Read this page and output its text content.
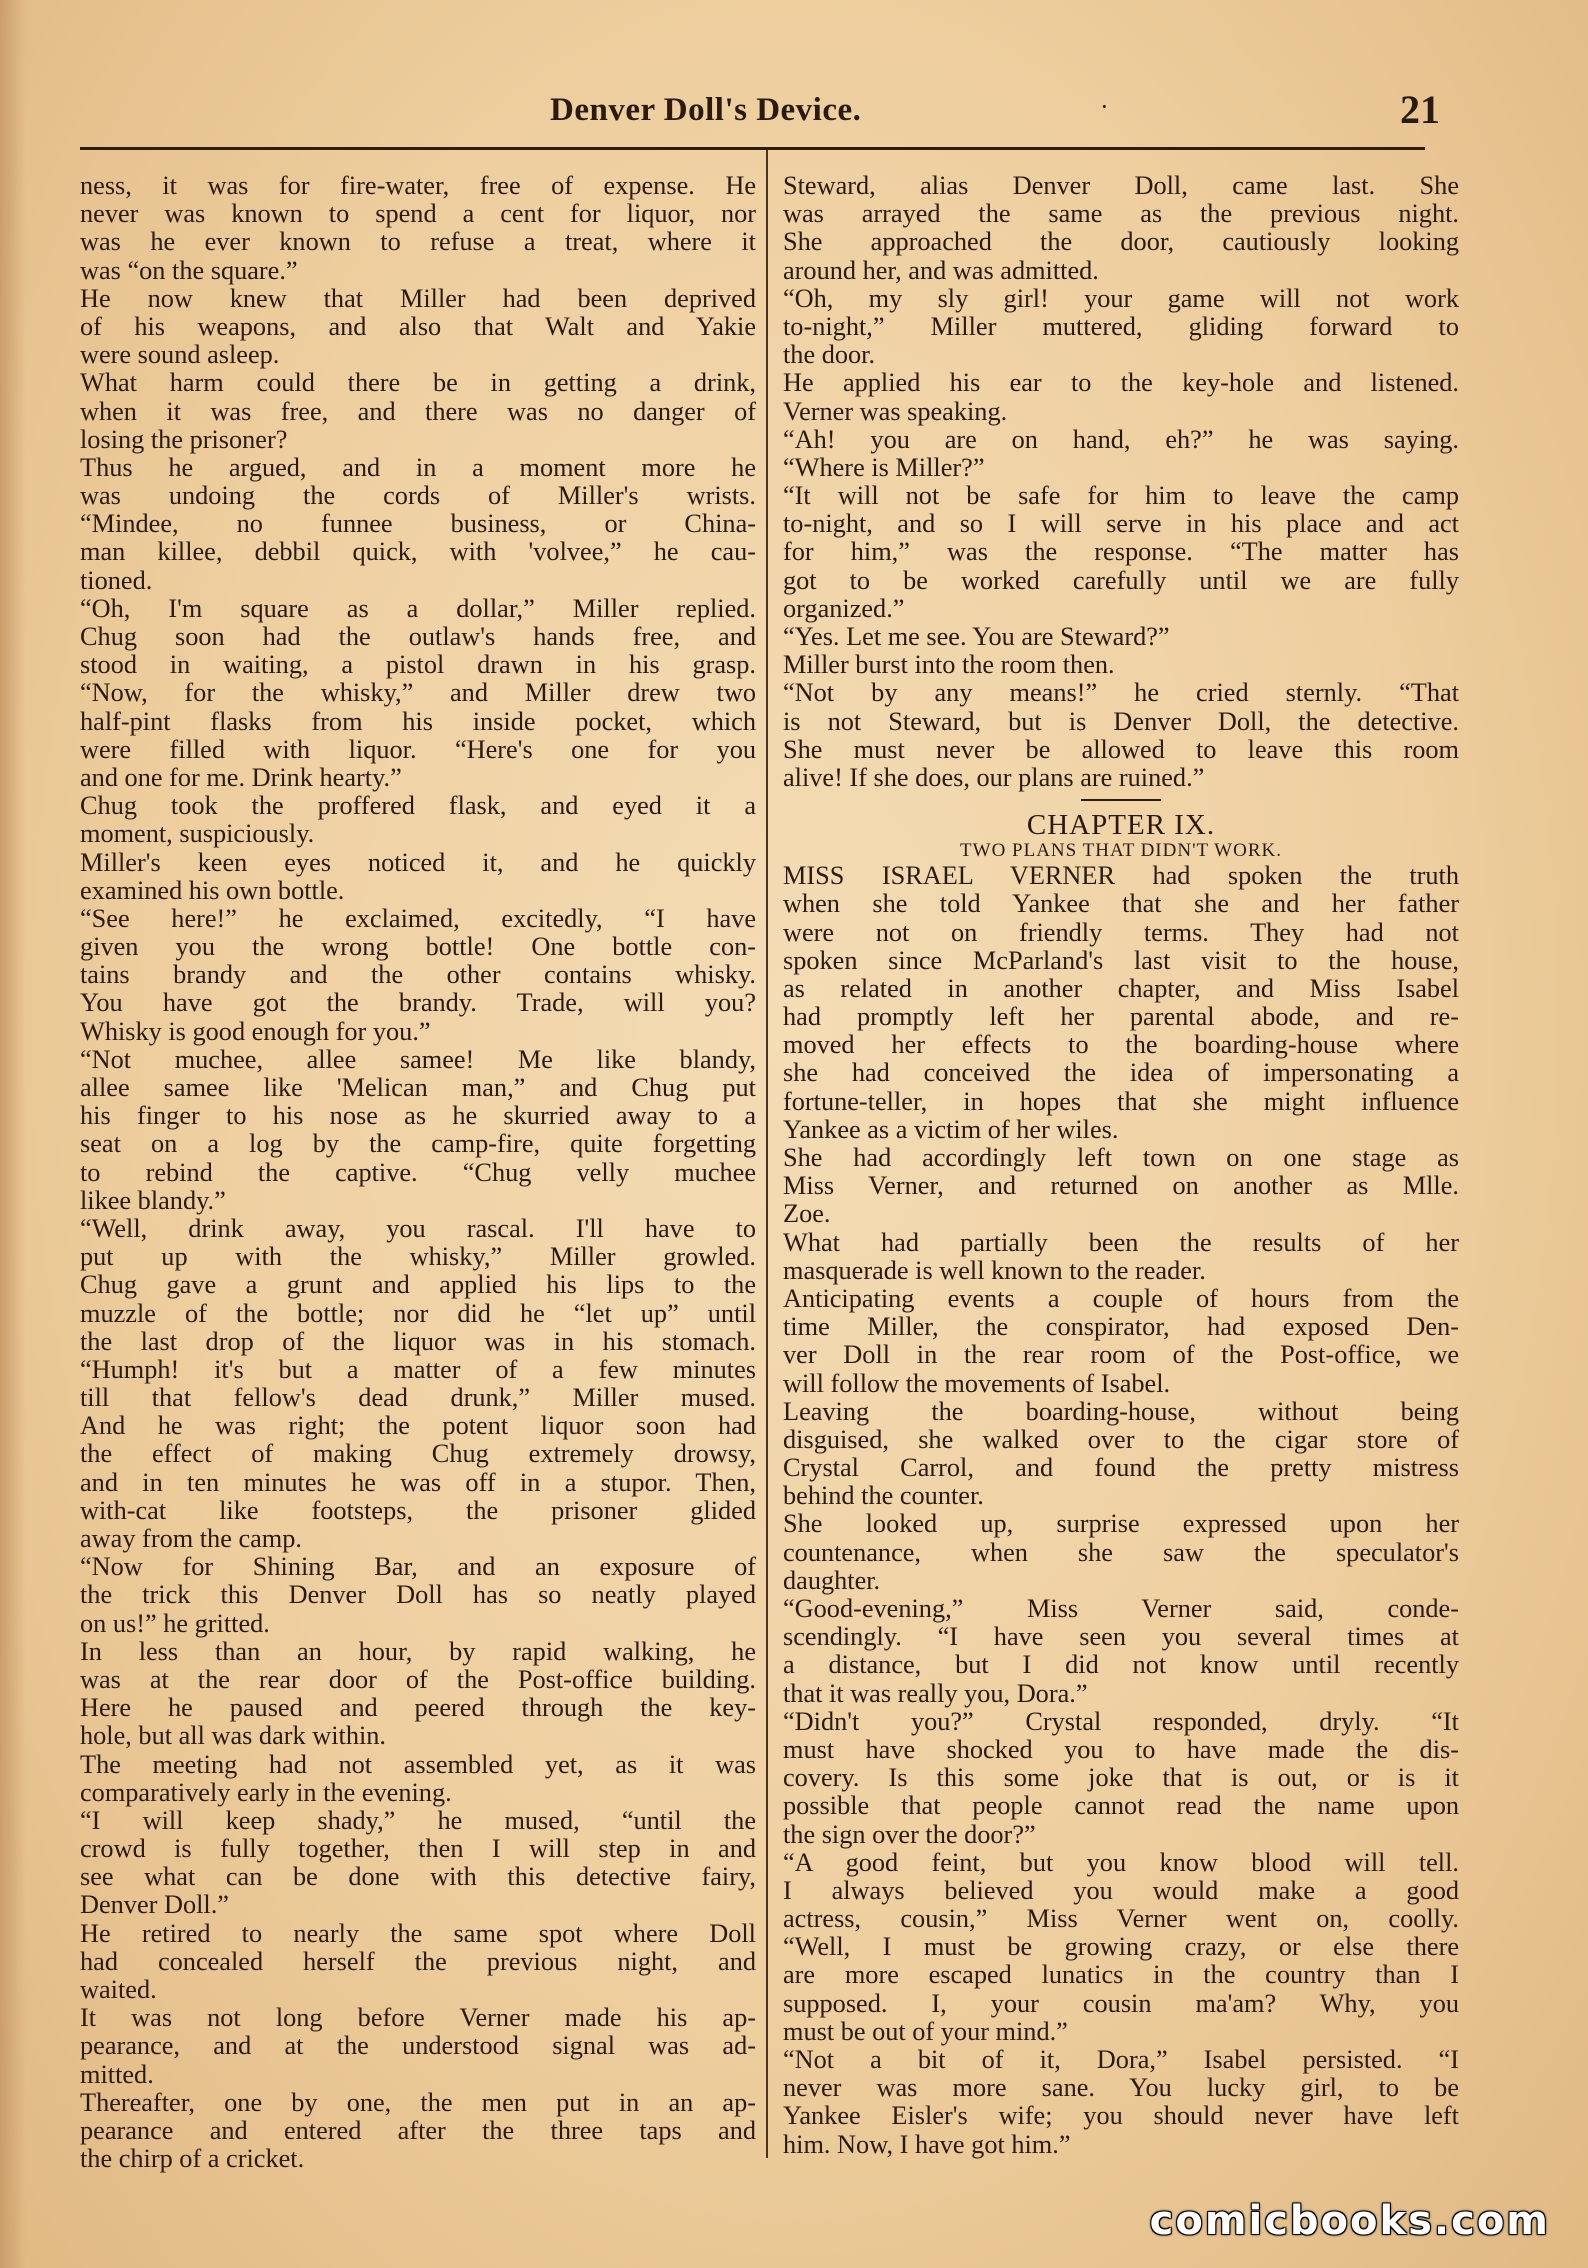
Denver Doll's Device.	·	21
ness, it was for fire-water, free of expense. He
never was known to spend a cent for liquor, nor
was he ever known to refuse a treat, where it
was “on the square.”
He now knew that Miller had been deprived
of his weapons, and also that Walt and Yakie
were sound asleep.
What harm could there be in getting a drink,
when it was free, and there was no danger of
losing the prisoner?
Thus he argued, and in a moment more he
was undoing the cords of Miller's wrists.
“Mindee, no funnee business, or China-
man killee, debbil quick, with 'volvee,” he cau-
tioned.
“Oh, I'm square as a dollar,” Miller replied.
Chug soon had the outlaw's hands free, and
stood in waiting, a pistol drawn in his grasp.
“Now, for the whisky,” and Miller drew two
half-pint flasks from his inside pocket, which
were filled with liquor. “Here's one for you
and one for me. Drink hearty.”
Chug took the proffered flask, and eyed it a
moment, suspiciously.
Miller's keen eyes noticed it, and he quickly
examined his own bottle.
“See here!” he exclaimed, excitedly, “I have
given you the wrong bottle! One bottle con-
tains brandy and the other contains whisky.
You have got the brandy. Trade, will you?
Whisky is good enough for you.”
“Not muchee, allee samee! Me like blandy,
allee samee like 'Melican man,” and Chug put
his finger to his nose as he skurried away to a
seat on a log by the camp-fire, quite forgetting
to rebind the captive. “Chug velly muchee
likee blandy.”
“Well, drink away, you rascal. I'll have to
put up with the whisky,” Miller growled.
Chug gave a grunt and applied his lips to the
muzzle of the bottle; nor did he “let up” until
the last drop of the liquor was in his stomach.
“Humph! it's but a matter of a few minutes
till that fellow's dead drunk,” Miller mused.
And he was right; the potent liquor soon had
the effect of making Chug extremely drowsy,
and in ten minutes he was off in a stupor. Then,
with-cat like footsteps, the prisoner glided
away from the camp.
“Now for Shining Bar, and an exposure of
the trick this Denver Doll has so neatly played
on us!” he gritted.
In less than an hour, by rapid walking, he
was at the rear door of the Post-office building.
Here he paused and peered through the key-
hole, but all was dark within.
The meeting had not assembled yet, as it was
comparatively early in the evening.
“I will keep shady,” he mused, “until the
crowd is fully together, then I will step in and
see what can be done with this detective fairy,
Denver Doll.”
He retired to nearly the same spot where Doll
had concealed herself the previous night, and
waited.
It was not long before Verner made his ap-
pearance, and at the understood signal was ad-
mitted.
Thereafter, one by one, the men put in an ap-
pearance and entered after the three taps and
the chirp of a cricket.
Steward, alias Denver Doll, came last. She
was arrayed the same as the previous night.
She approached the door, cautiously looking
around her, and was admitted.
“Oh, my sly girl! your game will not work
to-night,” Miller muttered, gliding forward to
the door.
He applied his ear to the key-hole and listened.
Verner was speaking.
“Ah! you are on hand, eh?” he was saying.
“Where is Miller?”
“It will not be safe for him to leave the camp
to-night, and so I will serve in his place and act
for him,” was the response. “The matter has
got to be worked carefully until we are fully
organized.”
“Yes. Let me see. You are Steward?”
Miller burst into the room then.
“Not by any means!” he cried sternly. “That
is not Steward, but is Denver Doll, the detective.
She must never be allowed to leave this room
alive! If she does, our plans are ruined.”
CHAPTER IX.
TWO PLANS THAT DIDN'T WORK.
MISS ISRAEL VERNER had spoken the truth
when she told Yankee that she and her father
were not on friendly terms. They had not
spoken since McParland's last visit to the house,
as related in another chapter, and Miss Isabel
had promptly left her parental abode, and re-
moved her effects to the boarding-house where
she had conceived the idea of impersonating a
fortune-teller, in hopes that she might influence
Yankee as a victim of her wiles.
She had accordingly left town on one stage as
Miss Verner, and returned on another as Mlle.
Zoe.
What had partially been the results of her
masquerade is well known to the reader.
Anticipating events a couple of hours from the
time Miller, the conspirator, had exposed Den-
ver Doll in the rear room of the Post-office, we
will follow the movements of Isabel.
Leaving the boarding-house, without being
disguised, she walked over to the cigar store of
Crystal Carrol, and found the pretty mistress
behind the counter.
She looked up, surprise expressed upon her
countenance, when she saw the speculator's
daughter.
“Good-evening,” Miss Verner said, conde-
scendingly. “I have seen you several times at
a distance, but I did not know until recently
that it was really you, Dora.”
“Didn't you?” Crystal responded, dryly. “It
must have shocked you to have made the dis-
covery. Is this some joke that is out, or is it
possible that people cannot read the name upon
the sign over the door?”
“A good feint, but you know blood will tell.
I always believed you would make a good
actress, cousin,” Miss Verner went on, coolly.
“Well, I must be growing crazy, or else there
are more escaped lunatics in the country than I
supposed. I, your cousin ma'am? Why, you
must be out of your mind.”
“Not a bit of it, Dora,” Isabel persisted. “I
never was more sane. You lucky girl, to be
Yankee Eisler's wife; you should never have left
him. Now, I have got him.”
comicbooks.com
